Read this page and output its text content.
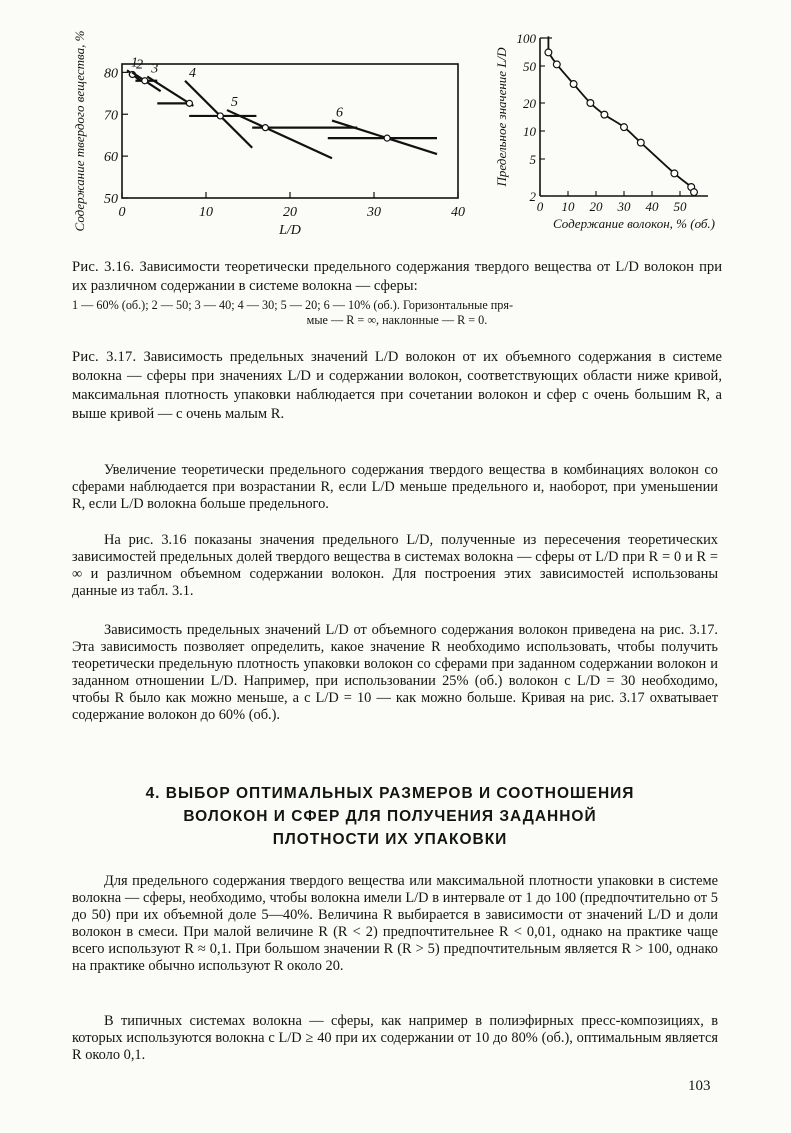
1
2 3 4
5
6
0	10	20	30	40
50
60
70
80
L/D
Содержание твердого вещества, %	0 10 20 30 40 50
2
5
10
20
50
100
Содержание волокон, % (об.)
Предельное значение L/D
Рис. 3.16. Зависимости теоретически предельного содержания твердого вещества от L/D волокон при их различном содержании в системе волокна — сферы:
1 — 60% (об.); 2 — 50; 3 — 40; 4 — 30; 5 — 20; 6 — 10% (об.). Горизонтальные пря-
мые — R = ∞, наклонные — R = 0.
Рис. 3.17. Зависимость предельных значений L/D волокон от их объемного содержания в системе волокна — сферы при значениях L/D и содержании волокон, соответствующих области ниже кривой, максимальная плотность упаковки наблюдается при сочетании волокон и сфер с очень большим R, а выше кривой — с очень малым R.

Увеличение теоретически предельного содержания твердого вещества в комбинациях волокон со сферами наблюдается при возрастании R, если L/D меньше предельного и, наоборот, при уменьшении R, если L/D волокна больше предельного.

На рис. 3.16 показаны значения предельного L/D, полученные из пересечения теоретических зависимостей предельных долей твердого вещества в системах волокна — сферы от L/D при R = 0 и R = ∞ и различном объемном содержании волокон. Для построения этих зависимостей использованы данные из табл. 3.1.

Зависимость предельных значений L/D от объемного содержания волокон приведена на рис. 3.17. Эта зависимость позволяет определить, какое значение R необходимо использовать, чтобы получить теоретически предельную плотность упаковки волокон со сферами при заданном содержании волокон и заданном отношении L/D. Например, при использовании 25% (об.) волокон с L/D = 30 необходимо, чтобы R было как можно меньше, а с L/D = 10 — как можно больше. Кривая на рис. 3.17 охватывает содержание волокон до 60% (об.).

4. ВЫБОР ОПТИМАЛЬНЫХ РАЗМЕРОВ И СООТНОШЕНИЯ
ВОЛОКОН И СФЕР ДЛЯ ПОЛУЧЕНИЯ ЗАДАННОЙ
ПЛОТНОСТИ ИХ УПАКОВКИ

Для предельного содержания твердого вещества или максимальной плотности упаковки в системе волокна — сферы, необходимо, чтобы волокна имели L/D в интервале от 1 до 100 (предпочтительно от 5 до 50) при их объемной доле 5—40%. Величина R выбирается в зависимости от значений L/D и доли волокон в смеси. При малой величине R (R < 2) предпочтительнее R < 0,01, однако на практике чаще всего используют R ≈ 0,1. При большом значении R (R > 5) предпочтительным является R > 100, однако на практике обычно используют R около 20.

В типичных системах волокна — сферы, как например в полиэфирных пресс-композициях, в которых используются волокна с L/D ≥ 40 при их содержании от 10 до 80% (об.), оптимальным является R около 0,1.

103
